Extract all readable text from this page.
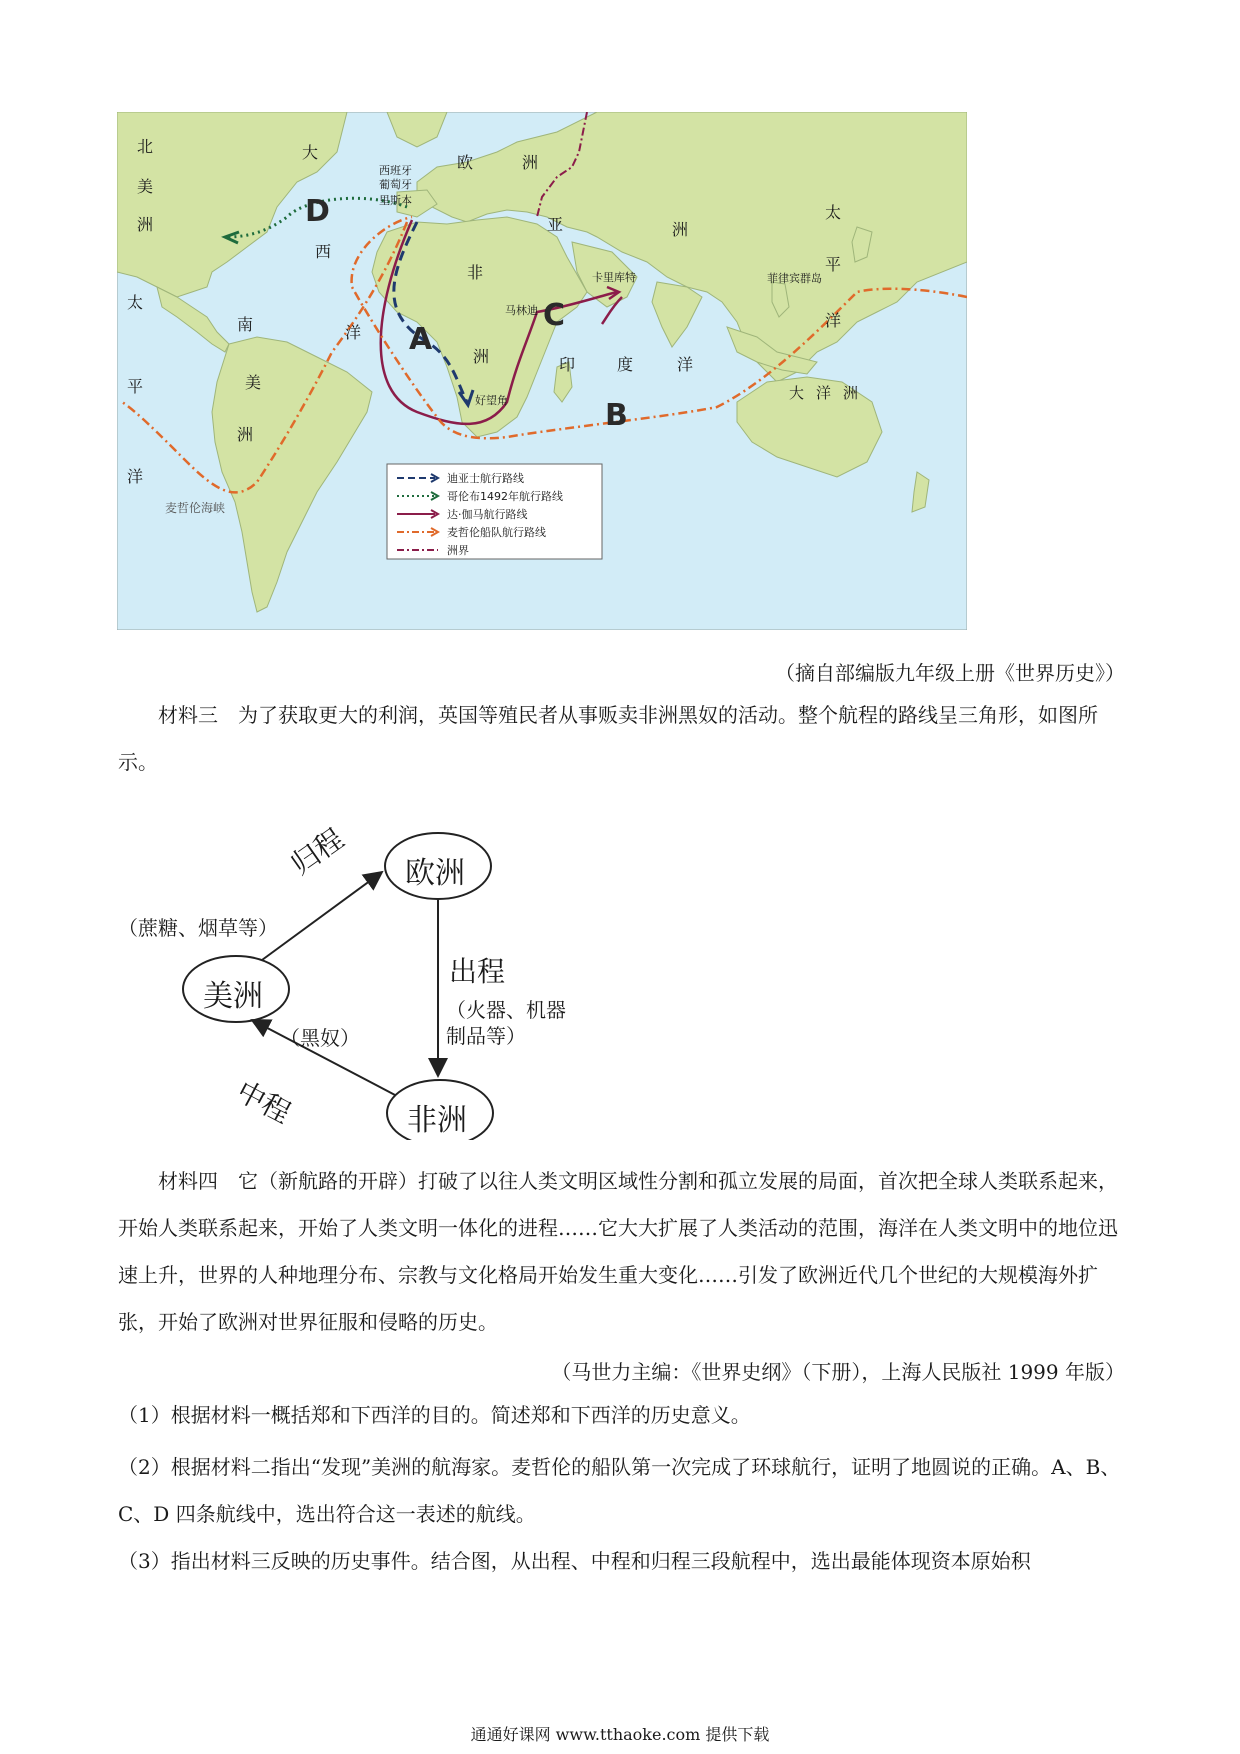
北
美
洲
大
西
洋
欧	洲
亚	洲
非
洲
南
美
洲
太
平
洋
太
平
洋
印	度	洋
大洋洲
西班牙
葡萄牙
里斯本
卡里库特
马林迪
好望角
菲律宾群岛
麦哲伦海峡
D
A
C
B
迪亚士航行路线
哥伦布1492年航行路线
达·伽马航行路线
麦哲伦船队航行路线
洲界
（摘自部编版九年级上册《世界历史》）
材料三　为了获取更大的利润，英国等殖民者从事贩卖非洲黑奴的活动。整个航程的路线呈三角形，如图所示。
欧洲
美洲
非洲
归程
（蔗糖、烟草等）
出程
（火器、机器
制品等）
中程
（黑奴）
材料四　它（新航路的开辟）打破了以往人类文明区域性分割和孤立发展的局面，首次把全球人类联系起来，开始人类联系起来，开始了人类文明一体化的进程……它大大扩展了人类活动的范围，海洋在人类文明中的地位迅速上升，世界的人种地理分布、宗教与文化格局开始发生重大变化……引发了欧洲近代几个世纪的大规模海外扩张，开始了欧洲对世界征服和侵略的历史。
（马世力主编：《世界史纲》（下册），上海人民版社 1999 年版）
（1）根据材料一概括郑和下西洋的目的。简述郑和下西洋的历史意义。
（2）根据材料二指出“发现”美洲的航海家。麦哲伦的船队第一次完成了环球航行，证明了地圆说的正确。A、B、C、D 四条航线中，选出符合这一表述的航线。
（3）指出材料三反映的历史事件。结合图，从出程、中程和归程三段航程中，选出最能体现资本原始积
通通好课网 www.tthaoke.com 提供下载
